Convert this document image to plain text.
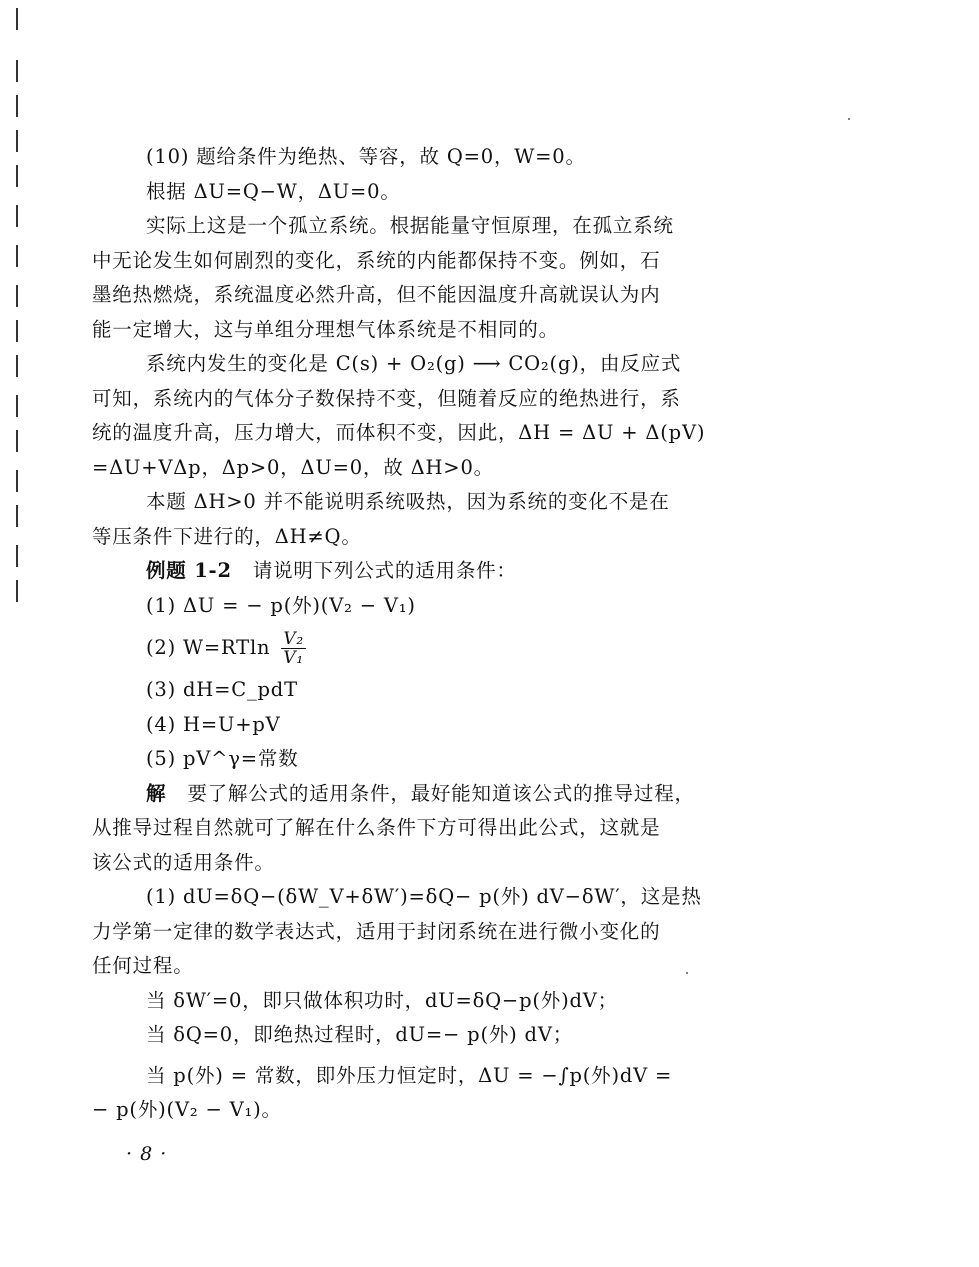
(10) 题给条件为绝热、等容，故 Q=0，W=0。
根据 ΔU=Q−W，ΔU=0。
实际上这是一个孤立系统。根据能量守恒原理，在孤立系统
中无论发生如何剧烈的变化，系统的内能都保持不变。例如，石
墨绝热燃烧，系统温度必然升高，但不能因温度升高就误认为内
能一定增大，这与单组分理想气体系统是不相同的。
系统内发生的变化是 C(s) + O₂(g) ⟶ CO₂(g)，由反应式
可知，系统内的气体分子数保持不变，但随着反应的绝热进行，系
统的温度升高，压力增大，而体积不变，因此，ΔH = ΔU + Δ(pV)
=ΔU+VΔp，Δp>0，ΔU=0，故 ΔH>0。
本题 ΔH>0 并不能说明系统吸热，因为系统的变化不是在
等压条件下进行的，ΔH≠Q。
例题 1-2 请说明下列公式的适用条件：
(1) ΔU = − p(外)(V₂ − V₁)
(2) $W=RTln \frac{\text{V₂}}{\text{V₁}}$
(3) dH=C_pdT
(4) H=U+pV
(5) pV^γ=常数
解 要了解公式的适用条件，最好能知道该公式的推导过程，
从推导过程自然就可了解在什么条件下方可得出此公式，这就是
该公式的适用条件。
(1) dU=δQ−(δW_V+δW′)=δQ− p(外) dV−δW′，这是热
力学第一定律的数学表达式，适用于封闭系统在进行微小变化的
任何过程。
当 δW′=0，即只做体积功时，dU=δQ−p(外)dV；
当 δQ=0，即绝热过程时，dU=− p(外) dV；
当 p(外) = 常数，即外压力恒定时，ΔU = −∫p(外)dV =
− p(外)(V₂ − V₁)。
· 8 ·
